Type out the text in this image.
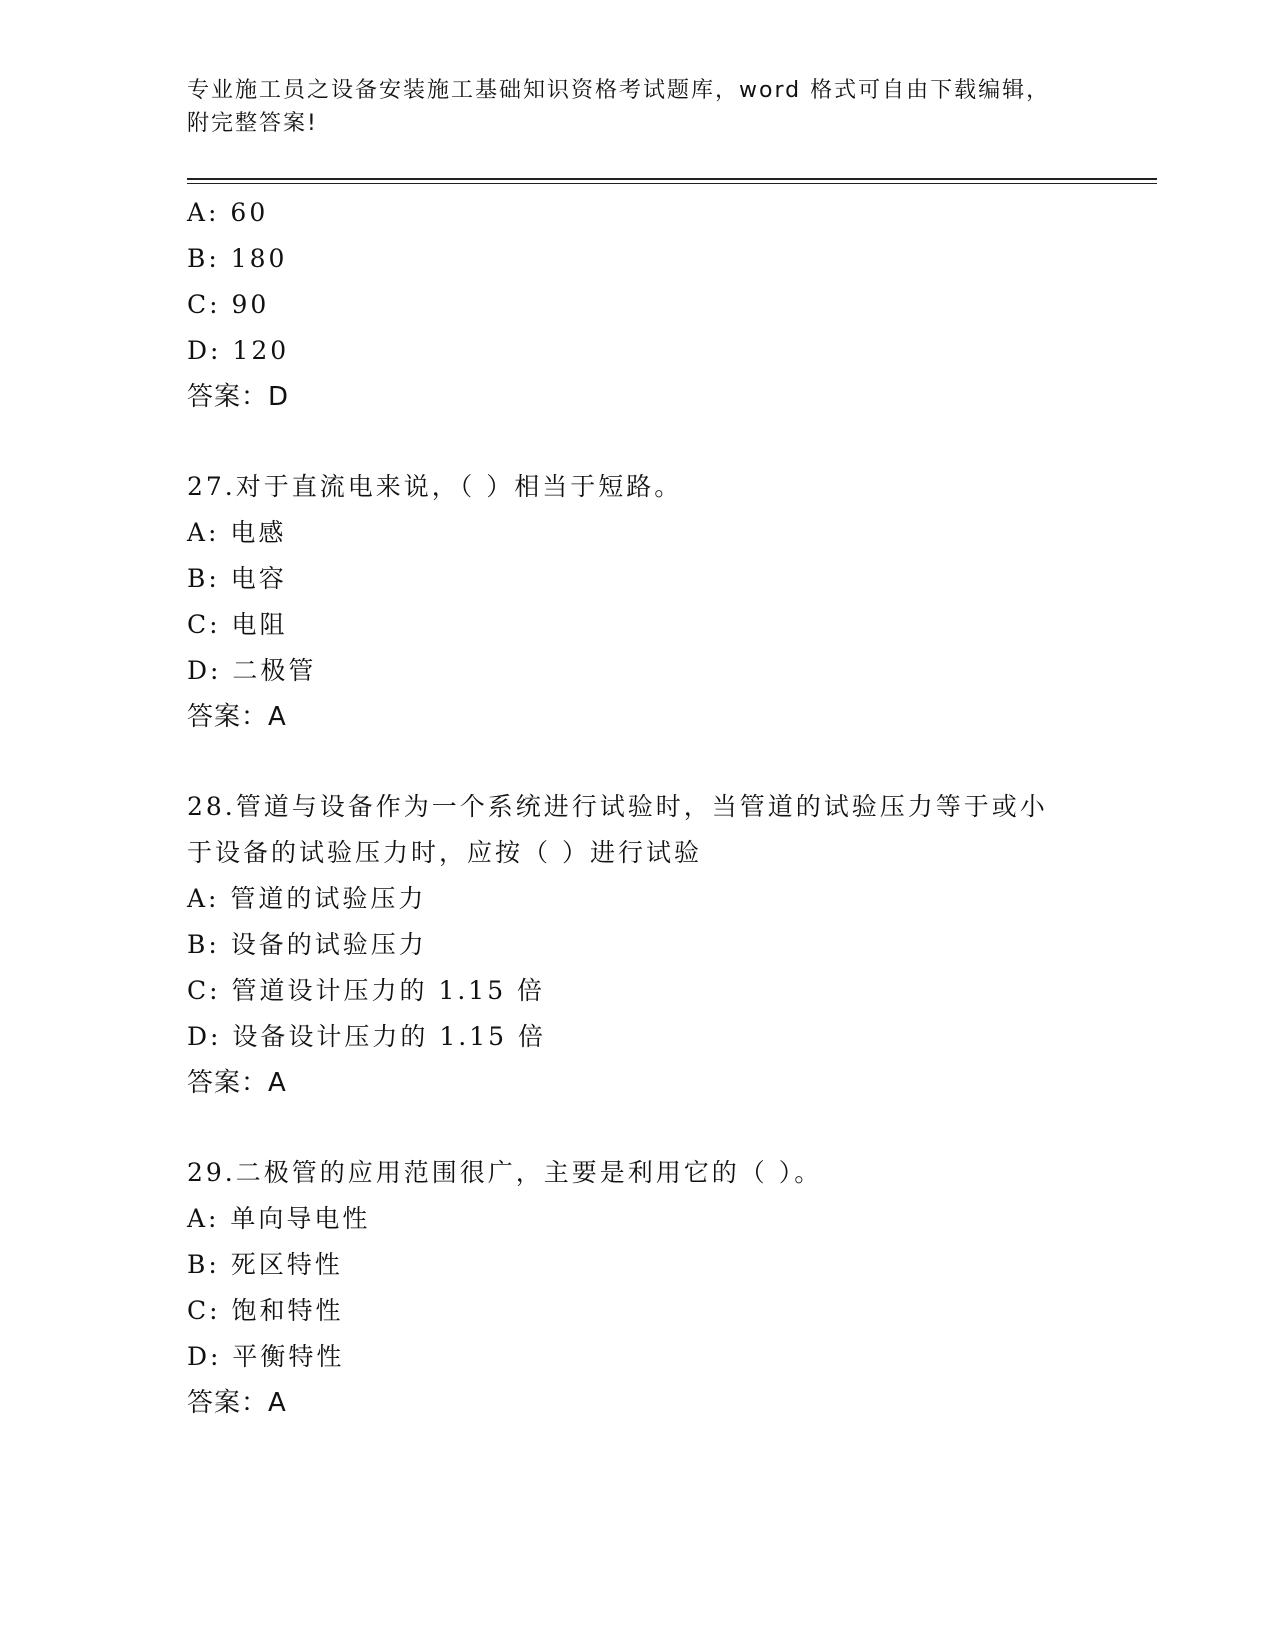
专业施工员之设备安装施工基础知识资格考试题库，word 格式可自由下载编辑，
附完整答案!
A: 60
B: 180
C: 90
D: 120
答案：D
27.对于直流电来说，（ ）相当于短路。
A: 电感
B: 电容
C: 电阻
D: 二极管
答案：A
28.管道与设备作为一个系统进行试验时，当管道的试验压力等于或小
于设备的试验压力时，应按（ ）进行试验
A: 管道的试验压力
B: 设备的试验压力
C: 管道设计压力的 1.15 倍
D: 设备设计压力的 1.15 倍
答案：A
29.二极管的应用范围很广，主要是利用它的（ ）。
A: 单向导电性
B: 死区特性
C: 饱和特性
D: 平衡特性
答案：A
